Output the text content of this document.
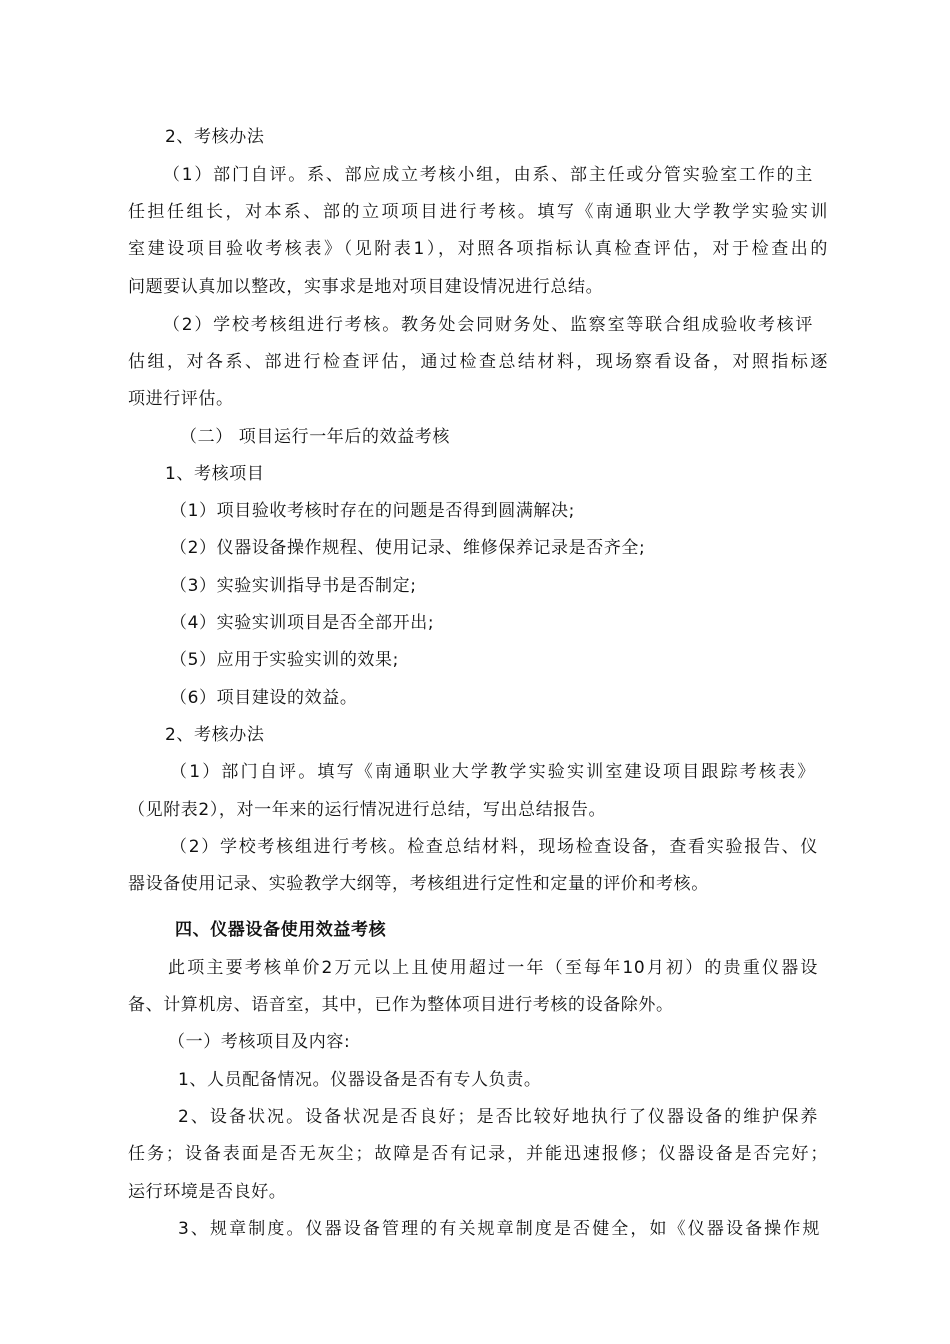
2、考核办法
（1）部门自评。系、部应成立考核小组，由系、部主任或分管实验室工作的主
任担任组长，对本系、部的立项项目进行考核。填写《南通职业大学教学实验实训
室建设项目验收考核表》（见附表1），对照各项指标认真检查评估，对于检查出的
问题要认真加以整改，实事求是地对项目建设情况进行总结。
（2）学校考核组进行考核。教务处会同财务处、监察室等联合组成验收考核评
估组，对各系、部进行检查评估，通过检查总结材料，现场察看设备，对照指标逐
项进行评估。
（二） 项目运行一年后的效益考核
1、考核项目
（1）项目验收考核时存在的问题是否得到圆满解决;
（2）仪器设备操作规程、使用记录、维修保养记录是否齐全;
（3）实验实训指导书是否制定;
（4）实验实训项目是否全部开出;
（5）应用于实验实训的效果;
（6）项目建设的效益。
2、考核办法
（1）部门自评。填写《南通职业大学教学实验实训室建设项目跟踪考核表》
（见附表2），对一年来的运行情况进行总结，写出总结报告。
（2）学校考核组进行考核。检查总结材料，现场检查设备，查看实验报告、仪
器设备使用记录、实验教学大纲等，考核组进行定性和定量的评价和考核。
四、仪器设备使用效益考核
此项主要考核单价2万元以上且使用超过一年（至每年10月初）的贵重仪器设
备、计算机房、语音室，其中，已作为整体项目进行考核的设备除外。
（一）考核项目及内容:
1、人员配备情况。仪器设备是否有专人负责。
2、设备状况。设备状况是否良好；是否比较好地执行了仪器设备的维护保养
任务；设备表面是否无灰尘；故障是否有记录，并能迅速报修；仪器设备是否完好；
运行环境是否良好。
3、规章制度。仪器设备管理的有关规章制度是否健全，如《仪器设备操作规
